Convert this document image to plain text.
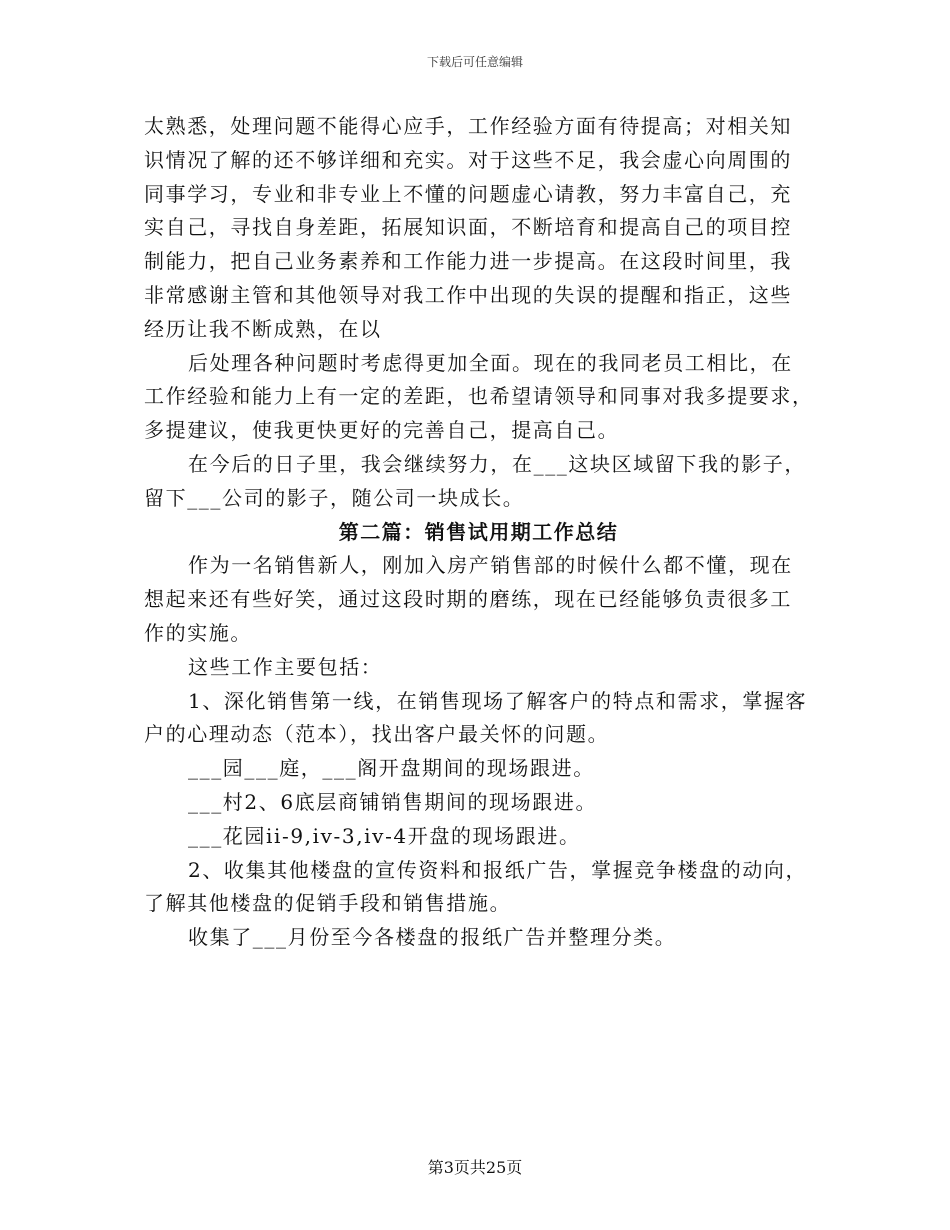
下载后可任意编辑
太熟悉，处理问题不能得心应手，工作经验方面有待提高；对相关知
识情况了解的还不够详细和充实。对于这些不足，我会虚心向周围的
同事学习，专业和非专业上不懂的问题虚心请教，努力丰富自己，充
实自己，寻找自身差距，拓展知识面，不断培育和提高自己的项目控
制能力，把自己业务素养和工作能力进一步提高。在这段时间里，我
非常感谢主管和其他领导对我工作中出现的失误的提醒和指正，这些
经历让我不断成熟，在以
后处理各种问题时考虑得更加全面。现在的我同老员工相比，在
工作经验和能力上有一定的差距，也希望请领导和同事对我多提要求，
多提建议，使我更快更好的完善自己，提高自己。
在今后的日子里，我会继续努力，在___这块区域留下我的影子，
留下___公司的影子，随公司一块成长。
第二篇：销售试用期工作总结
作为一名销售新人，刚加入房产销售部的时候什么都不懂，现在
想起来还有些好笑，通过这段时期的磨练，现在已经能够负责很多工
作的实施。
这些工作主要包括：
1、深化销售第一线，在销售现场了解客户的特点和需求，掌握客
户的心理动态（范本），找出客户最关怀的问题。
___园___庭，___阁开盘期间的现场跟进。
___村2、6底层商铺销售期间的现场跟进。
___花园ii-9,iv-3,iv-4开盘的现场跟进。
2、收集其他楼盘的宣传资料和报纸广告，掌握竞争楼盘的动向，
了解其他楼盘的促销手段和销售措施。
收集了___月份至今各楼盘的报纸广告并整理分类。
第3页共25页
